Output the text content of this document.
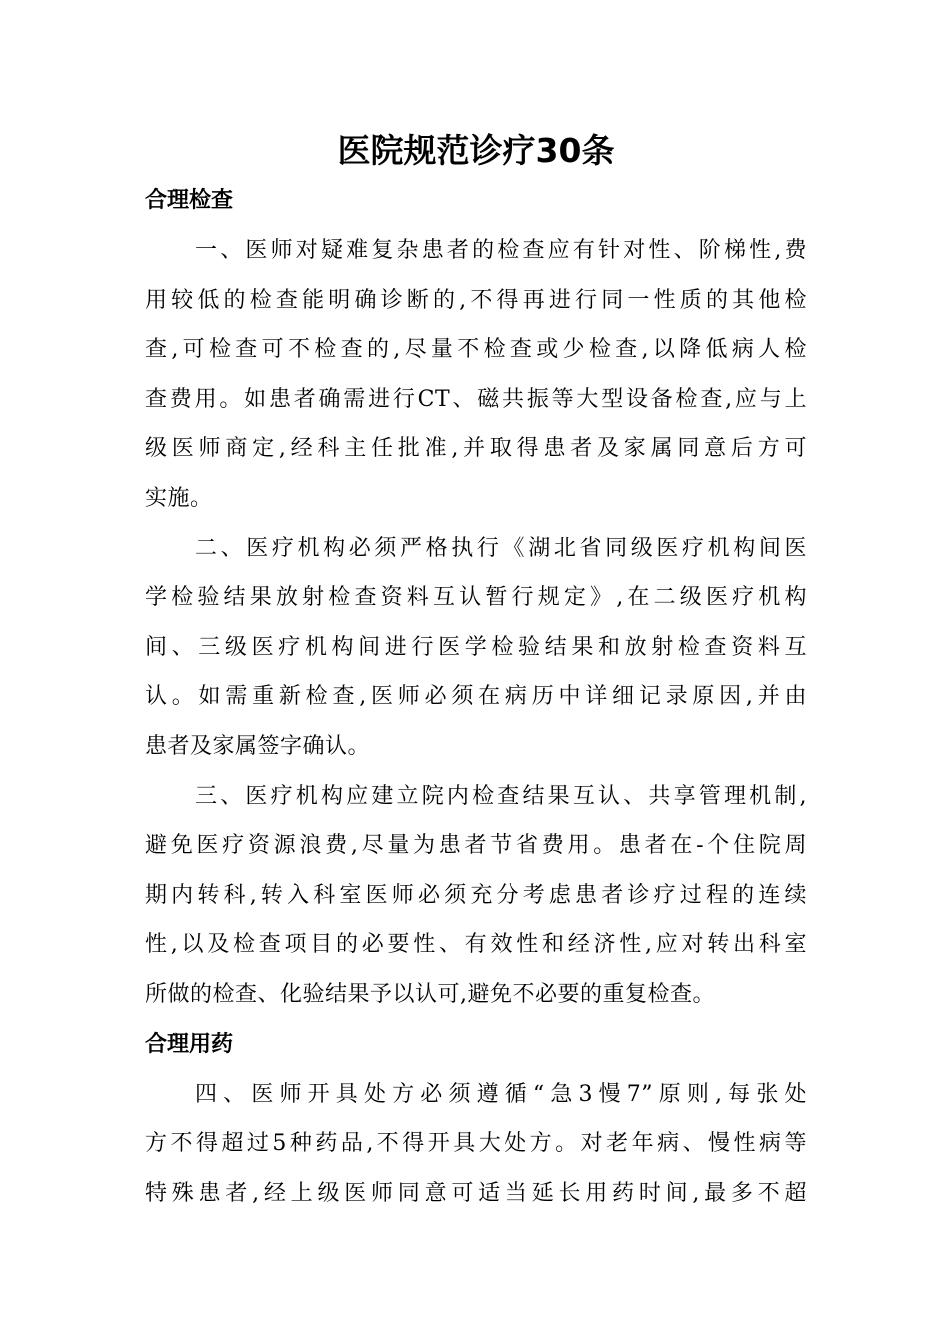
医院规范诊疗30条
合理检查
一、医师对疑难复杂患者的检查应有针对性、阶梯性,费
用较低的检查能明确诊断的,不得再进行同一性质的其他检
查,可检查可不检查的,尽量不检查或少检查,以降低病人检
查费用。如患者确需进行CT、磁共振等大型设备检查,应与上
级医师商定,经科主任批准,并取得患者及家属同意后方可
实施。
二、医疗机构必须严格执行《湖北省同级医疗机构间医
学检验结果放射检查资料互认暂行规定》,在二级医疗机构
间、三级医疗机构间进行医学检验结果和放射检查资料互
认。如需重新检查,医师必须在病历中详细记录原因,并由
患者及家属签字确认。
三、医疗机构应建立院内检查结果互认、共享管理机制,
避免医疗资源浪费,尽量为患者节省费用。患者在-个住院周
期内转科,转入科室医师必须充分考虑患者诊疗过程的连续
性,以及检查项目的必要性、有效性和经济性,应对转出科室
所做的检查、化验结果予以认可,避免不必要的重复检查。
合理用药
四、医师开具处方必须遵循“急3慢7”原则,每张处
方不得超过5种药品,不得开具大处方。对老年病、慢性病等
特殊患者,经上级医师同意可适当延长用药时间,最多不超
